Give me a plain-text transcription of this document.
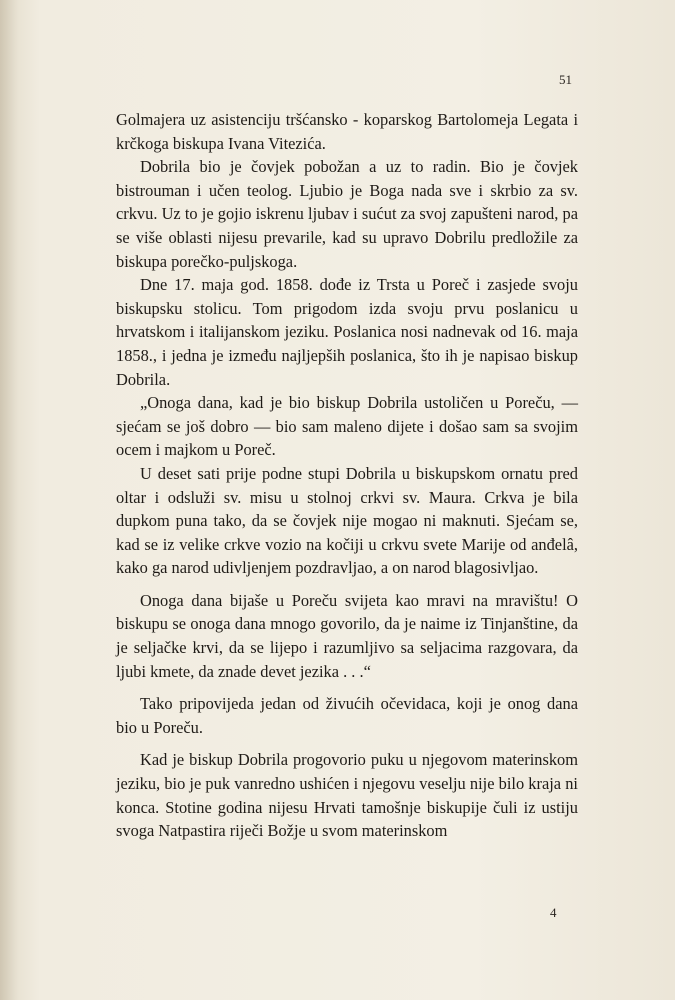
51

Golmajera uz asistenciju tršćansko - koparskog Bartolomeja Legata i krčkoga biskupa Ivana Vitezića.

Dobrila bio je čovjek pobožan a uz to radin. Bio je čovjek bistrouman i učen teolog. Ljubio je Boga nada sve i skrbio za sv. crkvu. Uz to je gojio iskrenu ljubav i sućut za svoj zapušteni narod, pa se više oblasti nijesu prevarile, kad su upravo Dobrilu predložile za biskupa porečko-puljskoga.

Dne 17. maja god. 1858. dođe iz Trsta u Poreč i zasjede svoju biskupsku stolicu. Tom prigodom izda svoju prvu poslanicu u hrvatskom i italijanskom jeziku. Poslanica nosi nadnevak od 16. maja 1858., i jedna je između najljepših poslanica, što ih je napisao biskup Dobrila.

„Onoga dana, kad je bio biskup Dobrila ustoličen u Poreču, — sjećam se još dobro — bio sam maleno dijete i došao sam sa svojim ocem i majkom u Poreč.

U deset sati prije podne stupi Dobrila u biskupskom ornatu pred oltar i odsluži sv. misu u stolnoj crkvi sv. Maura. Crkva je bila dupkom puna tako, da se čovjek nije mogao ni maknuti. Sjećam se, kad se iz velike crkve vozio na kočiji u crkvu svete Marije od anđelâ, kako ga narod udivljenjem pozdravljao, a on narod blagosivljao.

Onoga dana bijaše u Poreču svijeta kao mravi na mravištu! O biskupu se onoga dana mnogo govorilo, da je naime iz Tinjanštine, da je seljačke krvi, da se lijepo i razumljivo sa seljacima razgovara, da ljubi kmete, da znade devet jezika . . .“

Tako pripovijeda jedan od živućih očevidaca, koji je onog dana bio u Poreču.

Kad je biskup Dobrila progovorio puku u njegovom materinskom jeziku, bio je puk vanredno ushićen i njegovu veselju nije bilo kraja ni konca. Stotine godina nijesu Hrvati tamošnje biskupije čuli iz ustiju svoga Natpastira riječi Božje u svom materinskom

4
